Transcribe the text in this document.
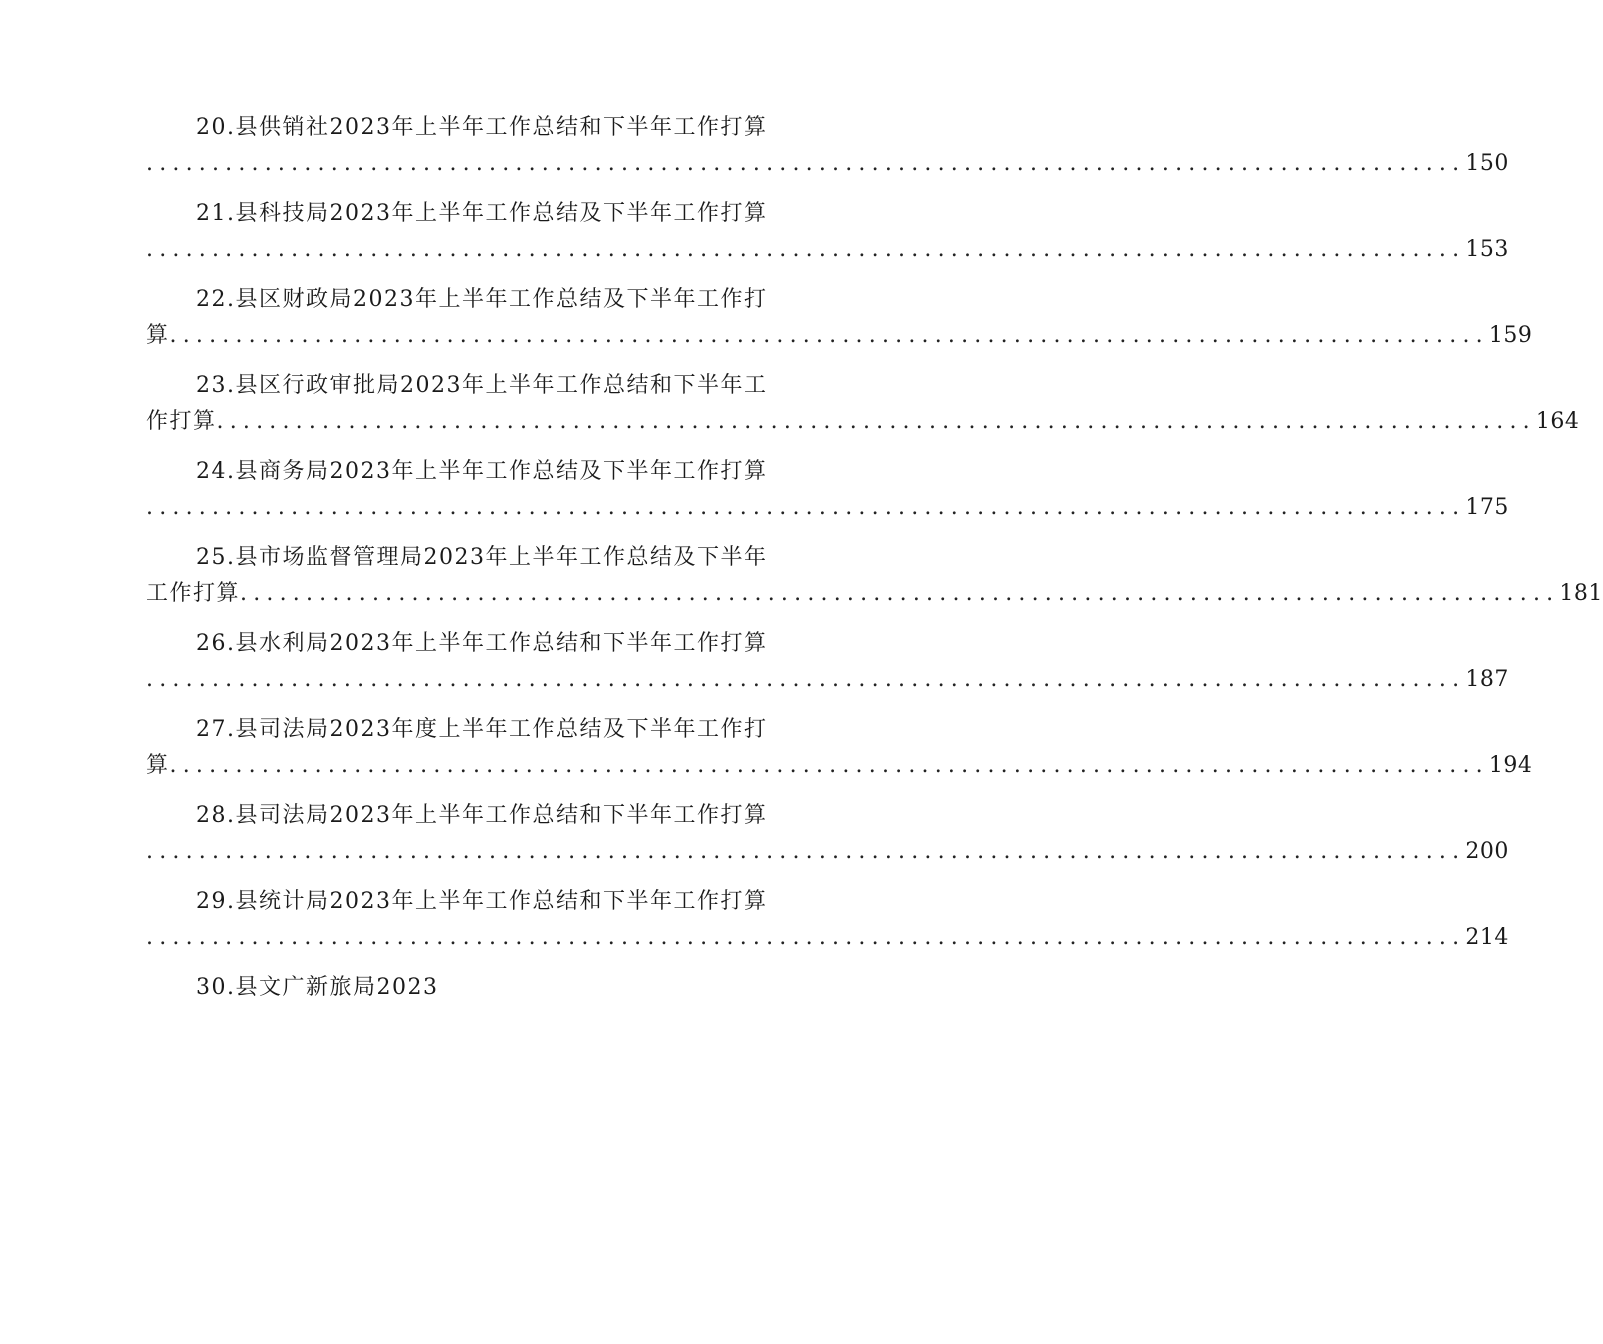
20.县供销社2023年上半年工作总结和下半年工作打算
.................................................................................................... 150
21.县科技局2023年上半年工作总结及下半年工作打算
.................................................................................................... 153
22.县区财政局2023年上半年工作总结及下半年工作打
算 .................................................................................................... 159
23.县区行政审批局2023年上半年工作总结和下半年工
作打算 .................................................................................................... 164
24.县商务局2023年上半年工作总结及下半年工作打算
.................................................................................................... 175
25.县市场监督管理局2023年上半年工作总结及下半年
工作打算 .................................................................................................... 181
26.县水利局2023年上半年工作总结和下半年工作打算
.................................................................................................... 187
27.县司法局2023年度上半年工作总结及下半年工作打
算 .................................................................................................... 194
28.县司法局2023年上半年工作总结和下半年工作打算
.................................................................................................... 200
29.县统计局2023年上半年工作总结和下半年工作打算
.................................................................................................... 214
30.县文广新旅局2023
